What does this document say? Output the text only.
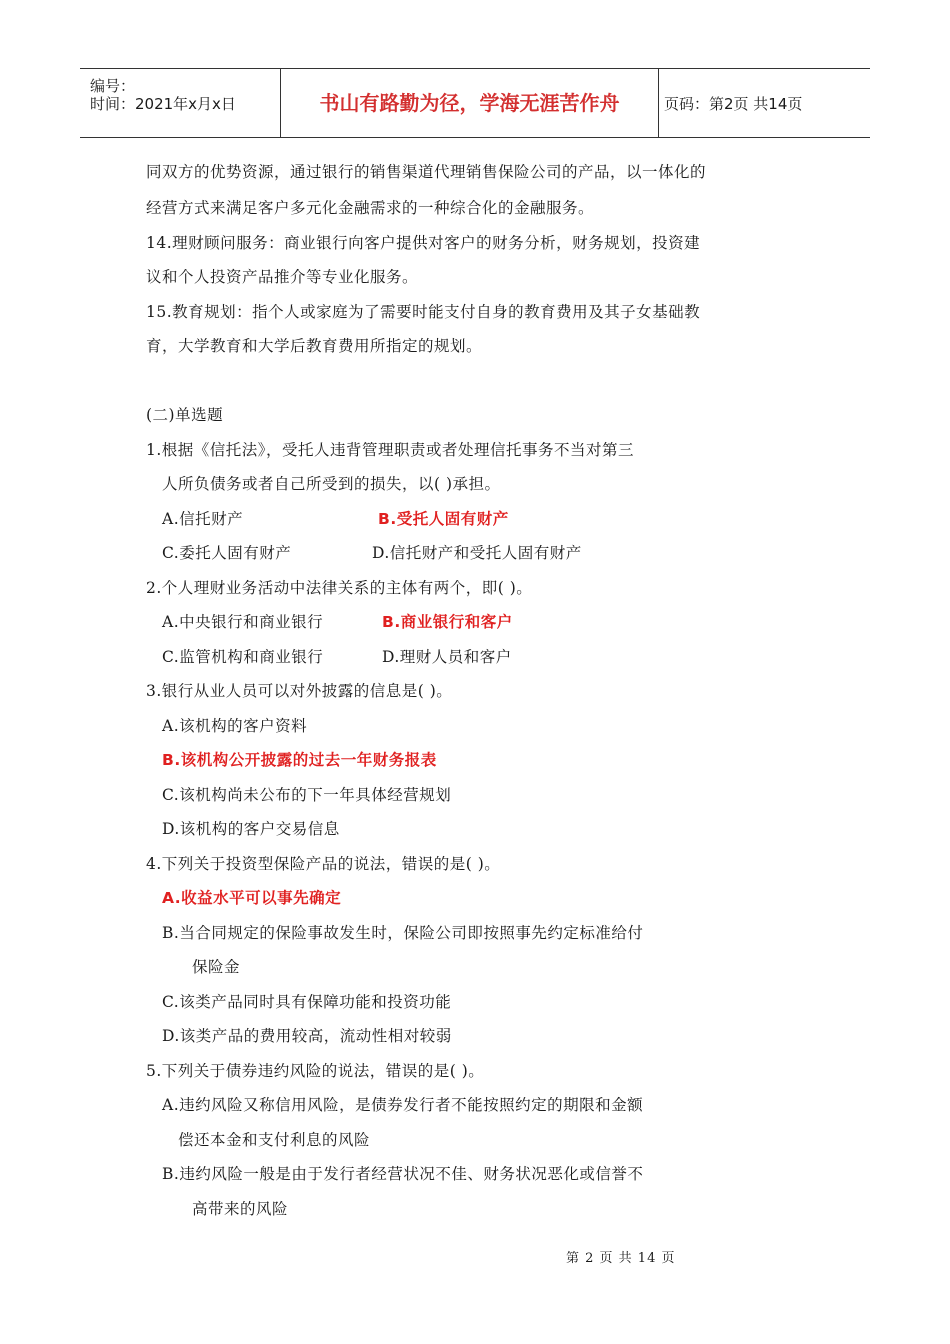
编号：
时间：2021年x月x日	书山有路勤为径，学海无涯苦作舟	页码：第2页 共14页
同双方的优势资源，通过银行的销售渠道代理销售保险公司的产品，以一体化的
经营方式来满足客户多元化金融需求的一种综合化的金融服务。
14.理财顾问服务：商业银行向客户提供对客户的财务分析，财务规划，投资建
议和个人投资产品推介等专业化服务。
15.教育规划：指个人或家庭为了需要时能支付自身的教育费用及其子女基础教
育，大学教育和大学后教育费用所指定的规划。
(二)单选题
1.根据《信托法》，受托人违背管理职责或者处理信托事务不当对第三
人所负债务或者自己所受到的损失，以( )承担。
A.信托财产	B.受托人固有财产
C.委托人固有财产	D.信托财产和受托人固有财产
2.个人理财业务活动中法律关系的主体有两个，即( )。
A.中央银行和商业银行	B.商业银行和客户
C.监管机构和商业银行	D.理财人员和客户
3.银行从业人员可以对外披露的信息是( )。
A.该机构的客户资料
B.该机构公开披露的过去一年财务报表
C.该机构尚未公布的下一年具体经营规划
D.该机构的客户交易信息
4.下列关于投资型保险产品的说法，错误的是( )。
A.收益水平可以事先确定
B.当合同规定的保险事故发生时，保险公司即按照事先约定标准给付
保险金
C.该类产品同时具有保障功能和投资功能
D.该类产品的费用较高，流动性相对较弱
5.下列关于债券违约风险的说法，错误的是( )。
A.违约风险又称信用风险，是债券发行者不能按照约定的期限和金额
偿还本金和支付利息的风险
B.违约风险一般是由于发行者经营状况不佳、财务状况恶化或信誉不
高带来的风险
第 2 页 共 14 页
